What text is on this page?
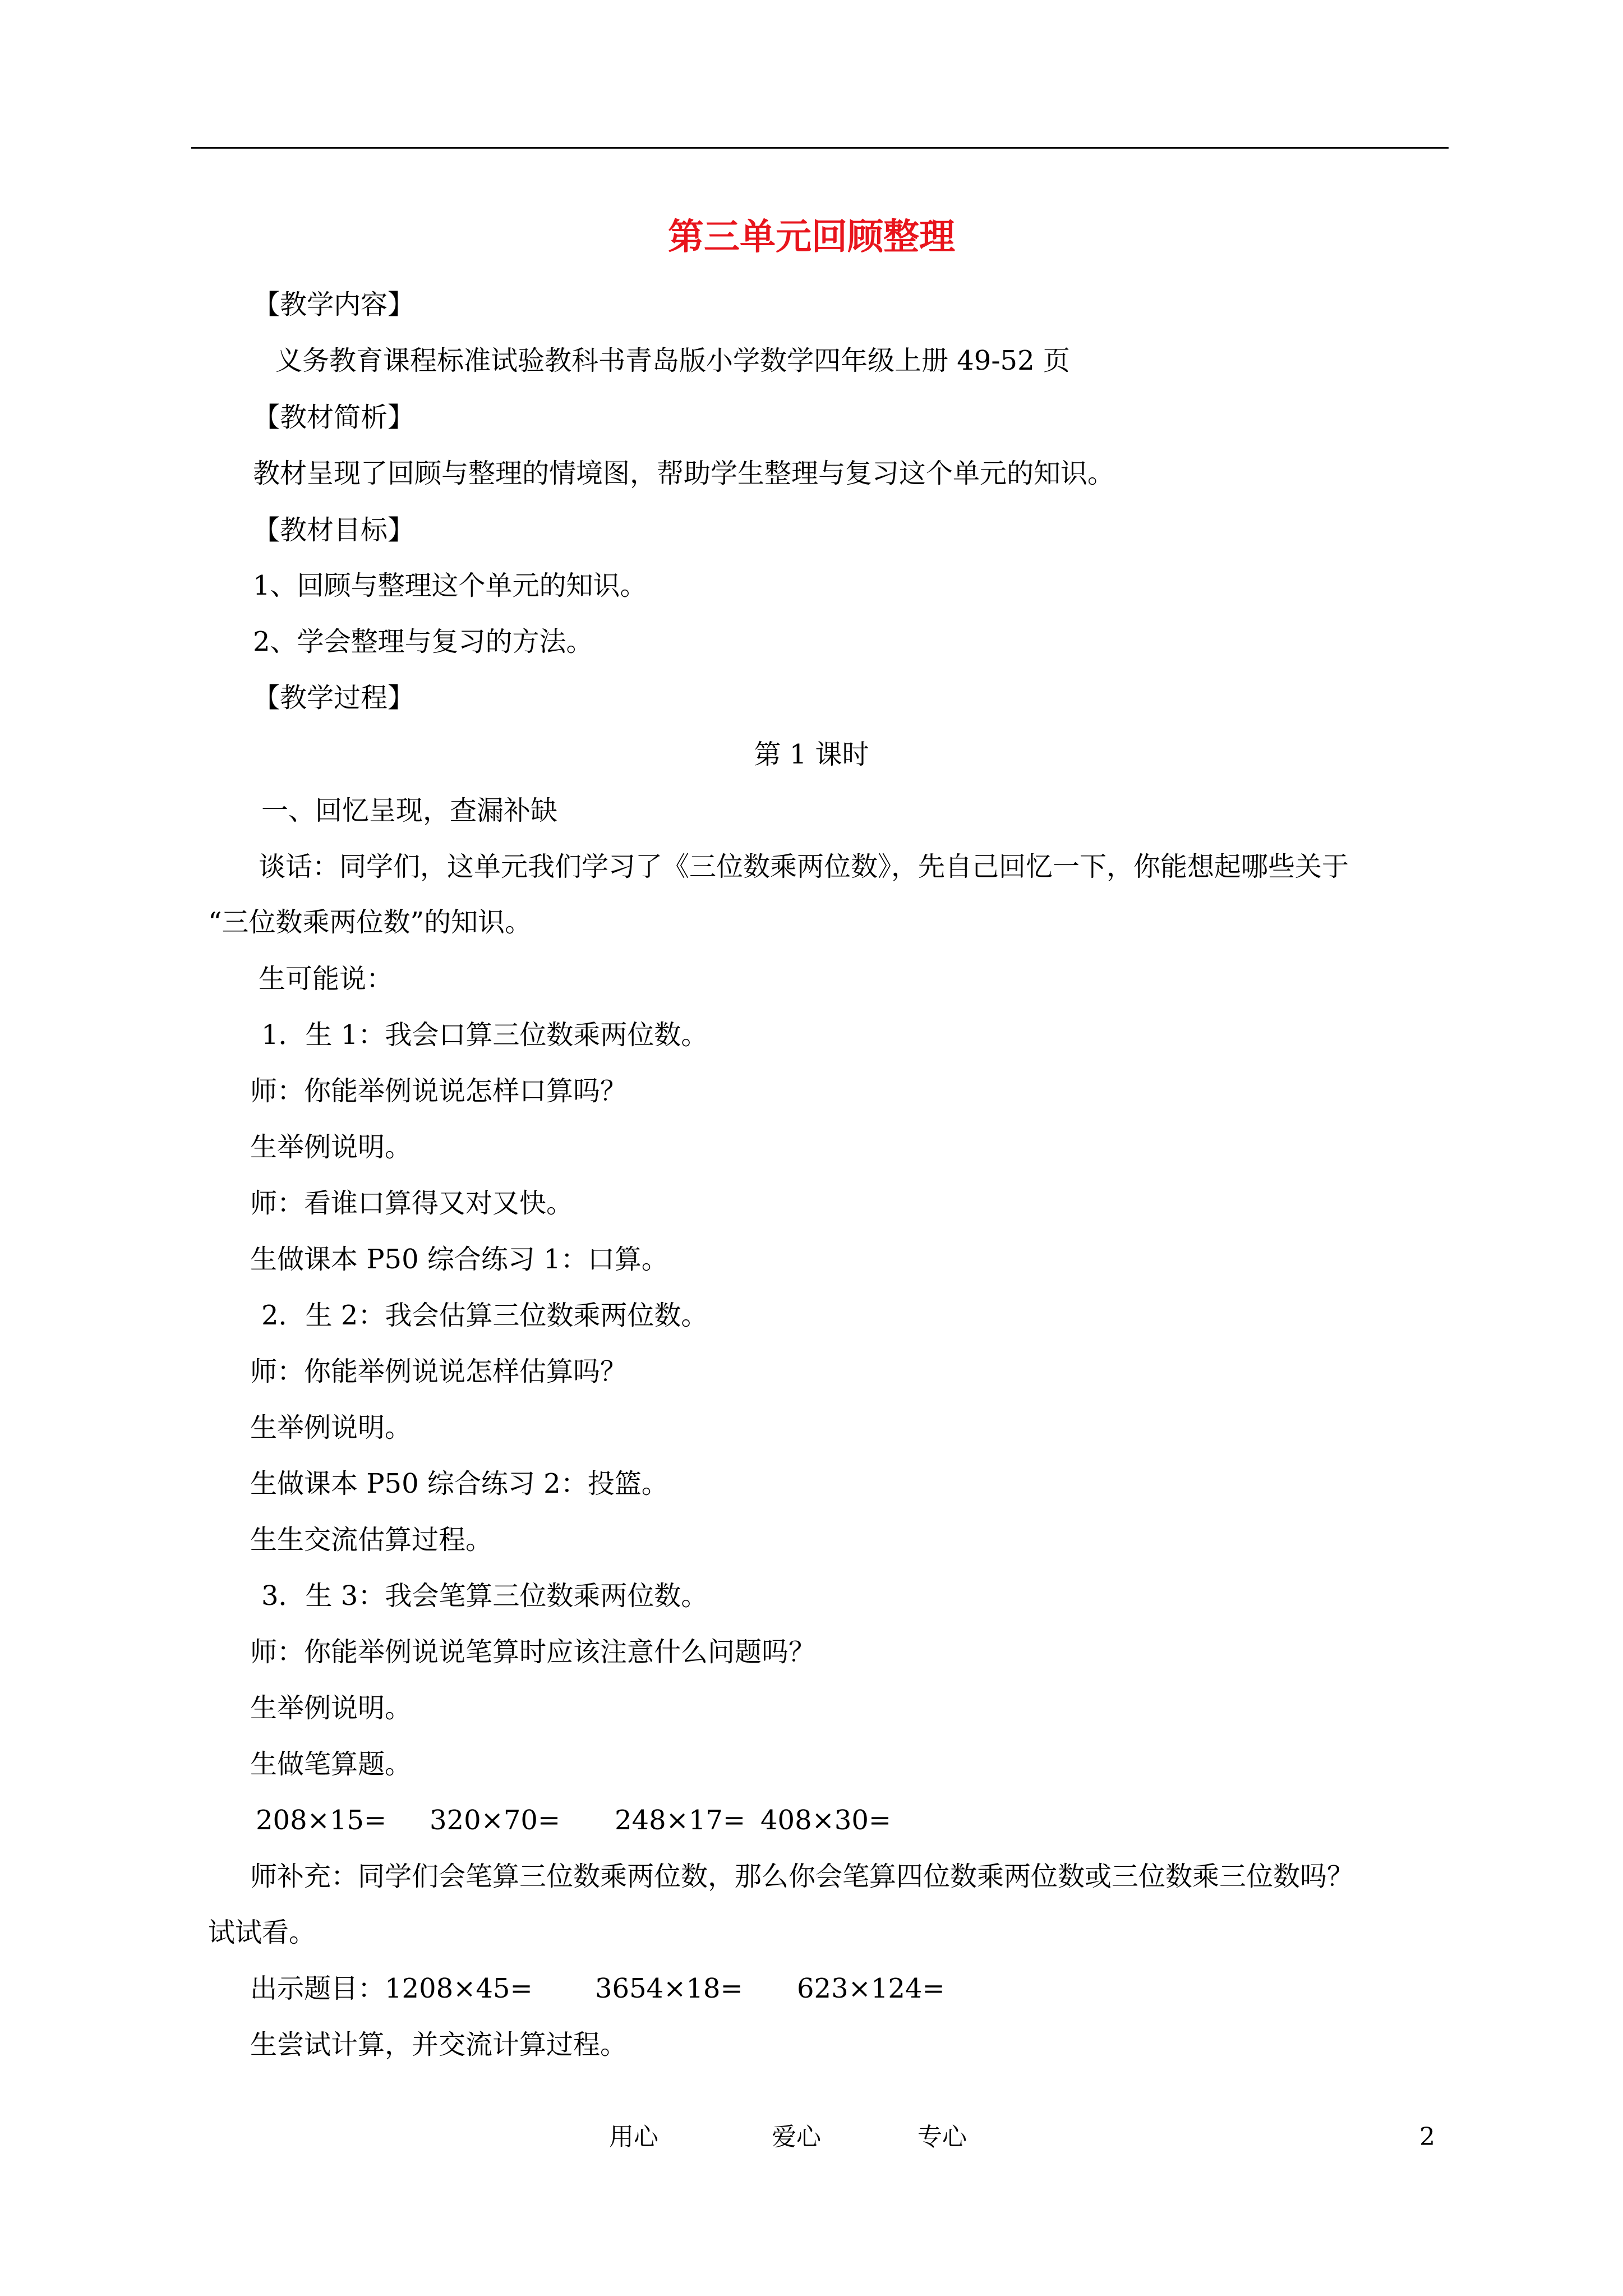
第三单元回顾整理
【教学内容】
义务教育课程标准试验教科书青岛版小学数学四年级上册 49-52 页
【教材简析】
教材呈现了回顾与整理的情境图，帮助学生整理与复习这个单元的知识。
【教材目标】
1、回顾与整理这个单元的知识。
2、学会整理与复习的方法。
【教学过程】
第 1 课时
一、回忆呈现，查漏补缺
谈话：同学们，这单元我们学习了《三位数乘两位数》，先自己回忆一下，你能想起哪些关于
“三位数乘两位数”的知识。
生可能说：
1．生 1：我会口算三位数乘两位数。
师：你能举例说说怎样口算吗？
生举例说明。
师：看谁口算得又对又快。
生做课本 P50 综合练习 1：口算。
2．生 2：我会估算三位数乘两位数。
师：你能举例说说怎样估算吗？
生举例说明。
生做课本 P50 综合练习 2：投篮。
生生交流估算过程。
3．生 3：我会笔算三位数乘两位数。
师：你能举例说说笔算时应该注意什么问题吗？
生举例说明。
生做笔算题。
208×15= 320×70= 248×17= 408×30=
师补充：同学们会笔算三位数乘两位数，那么你会笔算四位数乘两位数或三位数乘三位数吗？
试试看。
出示题目：1208×45= 3654×18= 623×124=
生尝试计算，并交流计算过程。
用心	爱心	专心	2
